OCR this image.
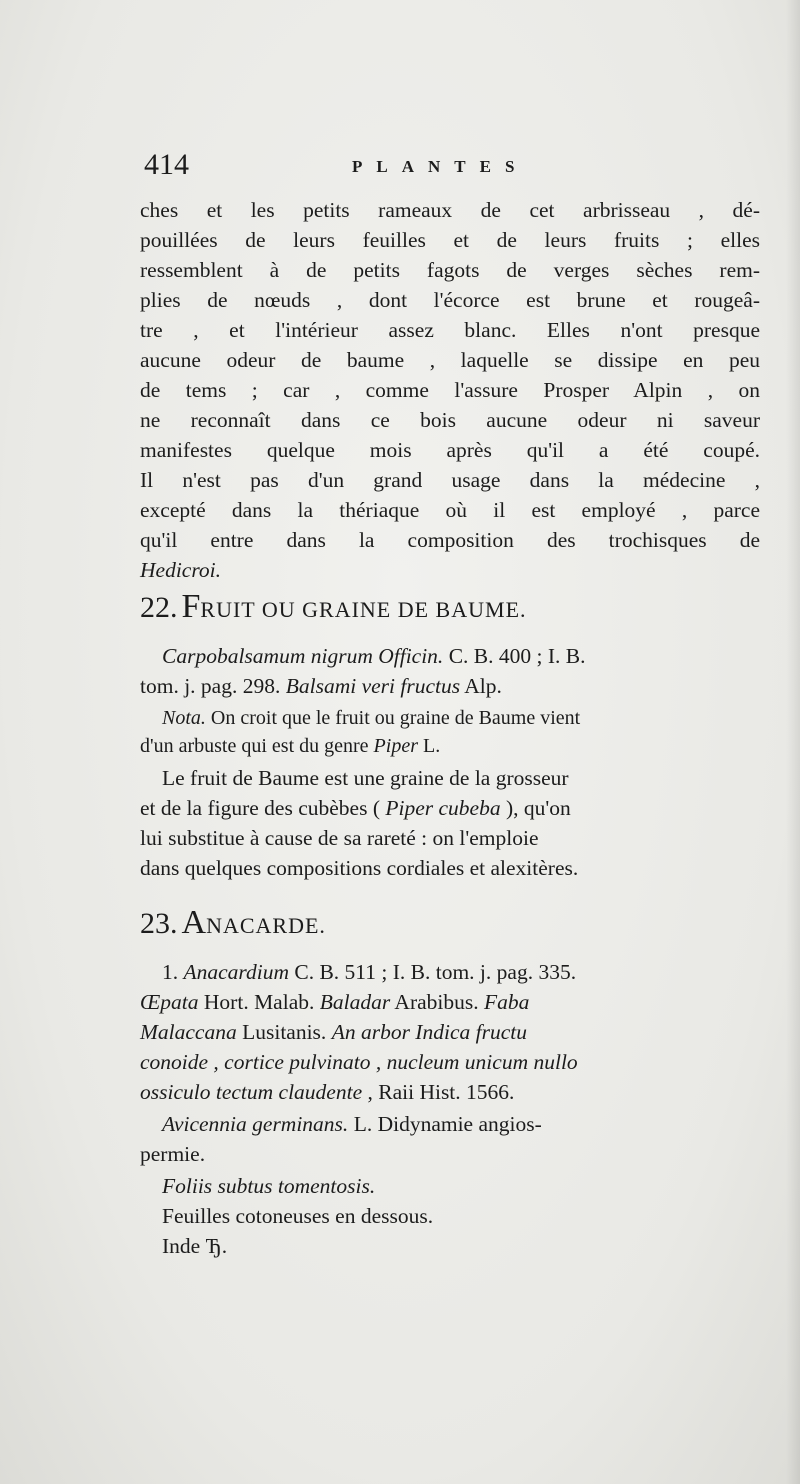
414	PLANTES
ches et les petits rameaux de cet arbrisseau , dé-
pouillées de leurs feuilles et de leurs fruits ; elles
ressemblent à de petits fagots de verges sèches rem-
plies de nœuds , dont l'écorce est brune et rougeâ-
tre , et l'intérieur assez blanc. Elles n'ont presque
aucune odeur de baume , laquelle se dissipe en peu
de tems ; car , comme l'assure Prosper Alpin , on
ne reconnaît dans ce bois aucune odeur ni saveur
manifestes quelque mois après qu'il a été coupé.
Il n'est pas d'un grand usage dans la médecine ,
excepté dans la thériaque où il est employé , parce
qu'il entre dans la composition des trochisques de
Hedicroi.
22. FRUIT OU GRAINE DE BAUME.
Carpobalsamum nigrum Officin. C. B. 400 ; I. B.
tom. j. pag. 298. Balsami veri fructus Alp.
Nota. On croit que le fruit ou graine de Baume vient
d'un arbuste qui est du genre Piper L.
Le fruit de Baume est une graine de la grosseur
et de la figure des cubèbes ( Piper cubeba ), qu'on
lui substitue à cause de sa rareté : on l'emploie
dans quelques compositions cordiales et alexitères.
23. ANACARDE.
1. Anacardium C. B. 511 ; I. B. tom. j. pag. 335.
Œpata Hort. Malab. Baladar Arabibus. Faba
Malaccana Lusitanis. An arbor Indica fructu
conoide , cortice pulvinato , nucleum unicum nullo
ossiculo tectum claudente , Raii Hist. 1566.
Avicennia germinans. L. Didynamie angios-
permie.
Foliis subtus tomentosis.
Feuilles cotoneuses en dessous.
Inde Ђ.
